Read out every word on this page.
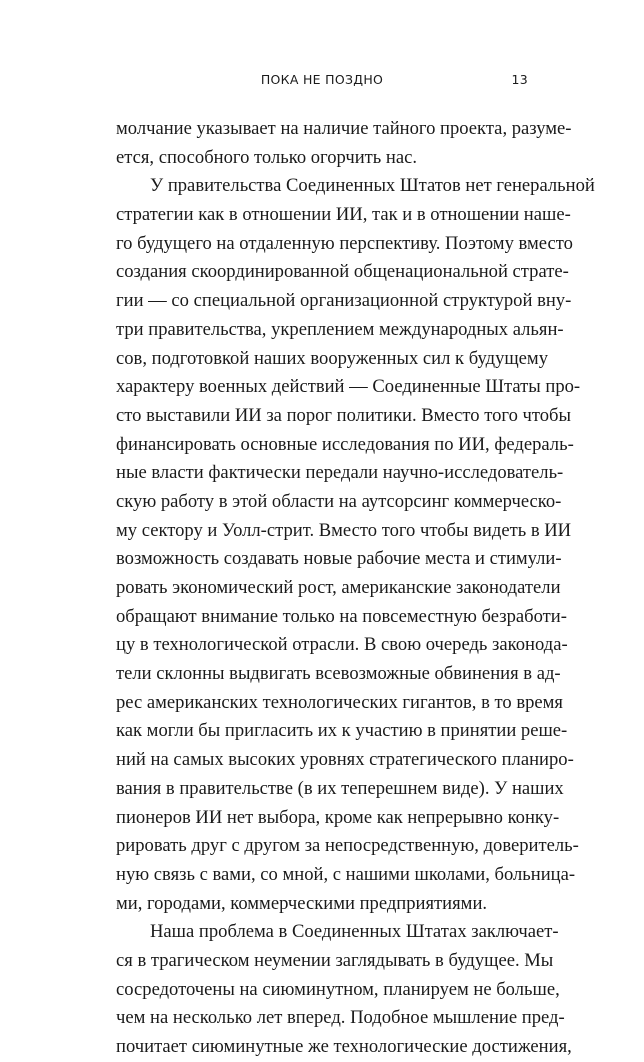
ПОКА НЕ ПОЗДНО	13
молчание указывает на наличие тайного проекта, разуме-
ется, способного только огорчить нас.
У правительства Соединенных Штатов нет генеральной
стратегии как в отношении ИИ, так и в отношении наше-
го будущего на отдаленную перспективу. Поэтому вместо
создания скоординированной общенациональной страте-
гии — со специальной организационной структурой вну-
три правительства, укреплением международных альян-
сов, подготовкой наших вооруженных сил к будущему
характеру военных действий — Соединенные Штаты про-
сто выставили ИИ за порог политики. Вместо того чтобы
финансировать основные исследования по ИИ, федераль-
ные власти фактически передали научно-исследователь-
скую работу в этой области на аутсорсинг коммерческо-
му сектору и Уолл-стрит. Вместо того чтобы видеть в ИИ
возможность создавать новые рабочие места и стимули-
ровать экономический рост, американские законодатели
обращают внимание только на повсеместную безработи-
цу в технологической отрасли. В свою очередь законода-
тели склонны выдвигать всевозможные обвинения в ад-
рес американских технологических гигантов, в то время
как могли бы пригласить их к участию в принятии реше-
ний на самых высоких уровнях стратегического планиро-
вания в правительстве (в их теперешнем виде). У наших
пионеров ИИ нет выбора, кроме как непрерывно конку-
рировать друг с другом за непосредственную, доверитель-
ную связь с вами, со мной, с нашими школами, больница-
ми, городами, коммерческими предприятиями.
Наша проблема в Соединенных Штатах заключает-
ся в трагическом неумении заглядывать в будущее. Мы
сосредоточены на сиюминутном, планируем не больше,
чем на несколько лет вперед. Подобное мышление пред-
почитает сиюминутные же технологические достижения,
